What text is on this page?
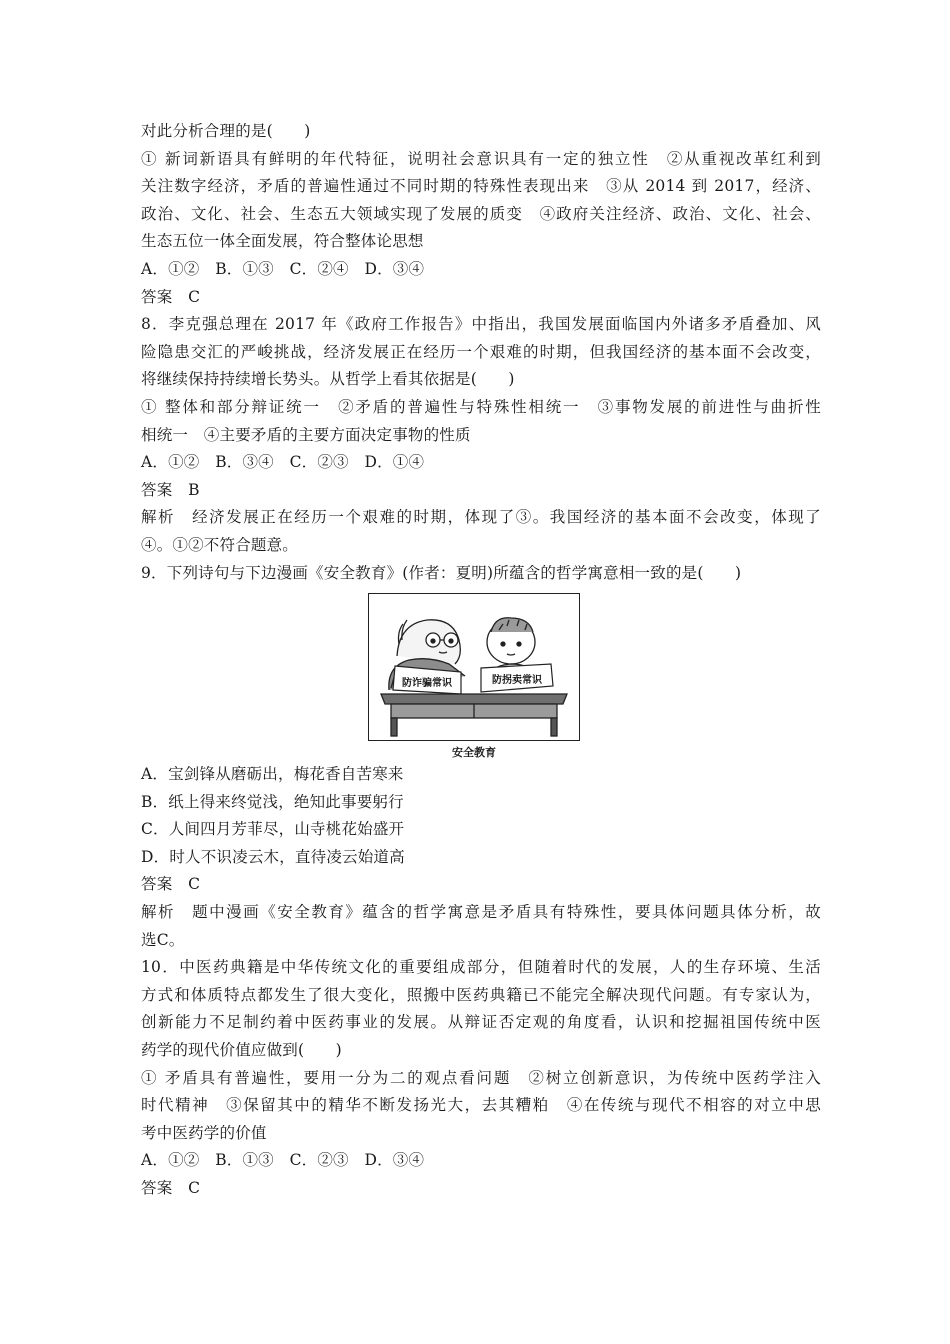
对此分析合理的是(　　)
① 新词新语具有鲜明的年代特征，说明社会意识具有一定的独立性　②从重视改革红利到
关注数字经济，矛盾的普遍性通过不同时期的特殊性表现出来　③从 2014 到 2017，经济、
政治、文化、社会、生态五大领域实现了发展的质变　④政府关注经济、政治、文化、社会、
生态五位一体全面发展，符合整体论思想
A．①②　B．①③　C．②④　D．③④
答案　C
8．李克强总理在 2017 年《政府工作报告》中指出，我国发展面临国内外诸多矛盾叠加、风
险隐患交汇的严峻挑战，经济发展正在经历一个艰难的时期，但我国经济的基本面不会改变，
将继续保持持续增长势头。从哲学上看其依据是(　　)
① 整体和部分辩证统一　②矛盾的普遍性与特殊性相统一　③事物发展的前进性与曲折性
相统一　④主要矛盾的主要方面决定事物的性质
A．①②　B．③④　C．②③　D．①④
答案　B
解析　经济发展正在经历一个艰难的时期，体现了③。我国经济的基本面不会改变，体现了
④。①②不符合题意。
9．下列诗句与下边漫画《安全教育》(作者：夏明)所蕴含的哲学寓意相一致的是(　　)
防诈骗常识	防拐卖常识
安全教育
A．宝剑锋从磨砺出，梅花香自苦寒来
B．纸上得来终觉浅，绝知此事要躬行
C．人间四月芳菲尽，山寺桃花始盛开
D．时人不识凌云木，直待凌云始道高
答案　C
解析　题中漫画《安全教育》蕴含的哲学寓意是矛盾具有特殊性，要具体问题具体分析，故
选C。
10．中医药典籍是中华传统文化的重要组成部分，但随着时代的发展，人的生存环境、生活
方式和体质特点都发生了很大变化，照搬中医药典籍已不能完全解决现代问题。有专家认为，
创新能力不足制约着中医药事业的发展。从辩证否定观的角度看，认识和挖掘祖国传统中医
药学的现代价值应做到(　　)
① 矛盾具有普遍性，要用一分为二的观点看问题　②树立创新意识，为传统中医药学注入
时代精神　③保留其中的精华不断发扬光大，去其糟粕　④在传统与现代不相容的对立中思
考中医药学的价值
A．①②　B．①③　C．②③　D．③④
答案　C
